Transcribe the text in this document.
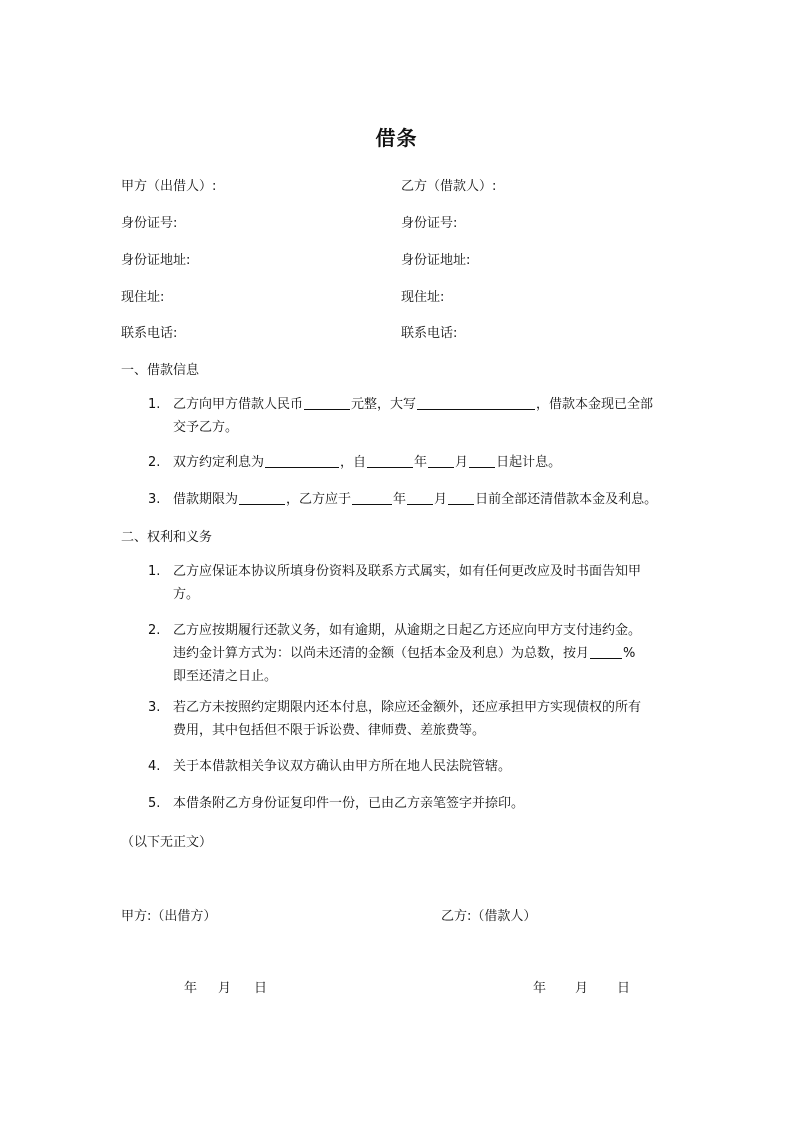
借条
甲方（出借人）:	乙方（借款人）:
身份证号:	身份证号:
身份证地址:	身份证地址:
现住址:	现住址:
联系电话:	联系电话:
一、借款信息
1. 乙方向甲方借款人民币	元整，大写	，借款本金现已全部
交予乙方。
2. 双方约定利息为	，自	年 月 日起计息。
3. 借款期限为	，乙方应于	年 月 日前全部还清借款本金及利息。
二、权利和义务
1. 乙方应保证本协议所填身份资料及联系方式属实，如有任何更改应及时书面告知甲
方。
2. 乙方应按期履行还款义务，如有逾期，从逾期之日起乙方还应向甲方支付违约金。
违约金计算方式为：以尚未还清的金额（包括本金及利息）为总数，按月	%
即至还清之日止。
3. 若乙方未按照约定期限内还本付息，除应还金额外，还应承担甲方实现债权的所有
费用，其中包括但不限于诉讼费、律师费、差旅费等。
4. 关于本借款相关争议双方确认由甲方所在地人民法院管辖。
5. 本借条附乙方身份证复印件一份，已由乙方亲笔签字并捺印。
（以下无正文）
甲方:（出借方）	乙方:（借款人）
年 月 日	年 月 日
